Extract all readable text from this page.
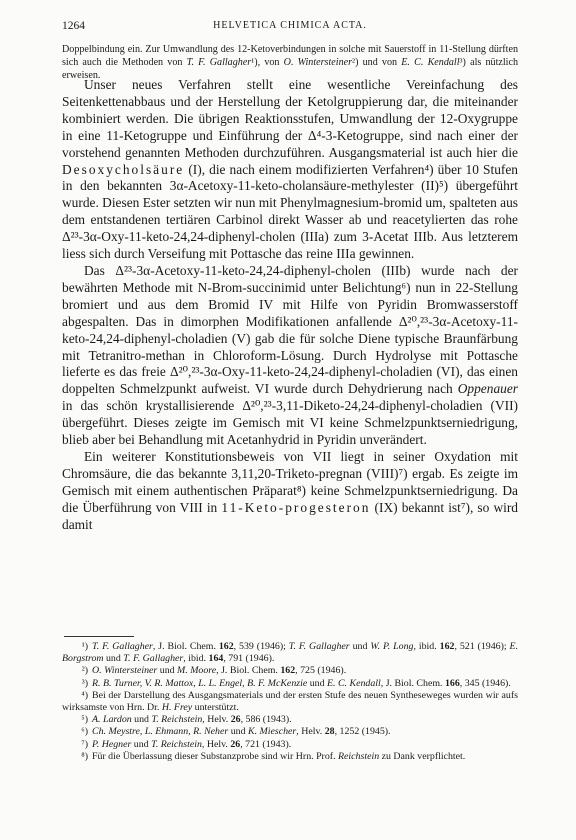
1264	HELVETICA CHIMICA ACTA.

Doppelbindung ein. Zur Umwandlung des 12-Ketoverbindungen in solche mit Sauerstoff in 11-Stellung dürften sich auch die Methoden von T. F. Gallagher¹), von O. Wintersteiner²) und von E. C. Kendall³) als nützlich erweisen.

Unser neues Verfahren stellt eine wesentliche Vereinfachung des Seitenkettenabbaus und der Herstellung der Ketolgruppierung dar, die miteinander kombiniert werden. Die übrigen Reaktionsstufen, Umwandlung der 12-Oxygruppe in eine 11-Ketogruppe und Einführung der Δ⁴-3-Ketogruppe, sind nach einer der vorstehend genannten Methoden durchzuführen. Ausgangsmaterial ist auch hier die Desoxycholsäure (I), die nach einem modifizierten Verfahren⁴) über 10 Stufen in den bekannten 3α-Acetoxy-11-keto-cholansäure-methylester (II)⁵) übergeführt wurde. Diesen Ester setzten wir nun mit Phenylmagnesium-bromid um, spalteten aus dem entstandenen tertiären Carbinol direkt Wasser ab und reacetylierten das rohe Δ²³-3α-Oxy-11-keto-24,24-diphenyl-cholen (IIIa) zum 3-Acetat IIIb. Aus letzterem liess sich durch Verseifung mit Pottasche das reine IIIa gewinnen.

Das Δ²³-3α-Acetoxy-11-keto-24,24-diphenyl-cholen (IIIb) wurde nach der bewährten Methode mit N-Brom-succinimid unter Belichtung⁶) nun in 22-Stellung bromiert und aus dem Bromid IV mit Hilfe von Pyridin Bromwasserstoff abgespalten. Das in dimorphen Modifikationen anfallende Δ²⁰,²³-3α-Acetoxy-11-keto-24,24-diphenyl-choladien (V) gab die für solche Diene typische Braunfärbung mit Tetranitro-methan in Chloroform-Lösung. Durch Hydrolyse mit Pottasche lieferte es das freie Δ²⁰,²³-3α-Oxy-11-keto-24,24-diphenyl-choladien (VI), das einen doppelten Schmelzpunkt aufweist. VI wurde durch Dehydrierung nach Oppenauer in das schön krystallisierende Δ²⁰,²³-3,11-Diketo-24,24-diphenyl-choladien (VII) übergeführt. Dieses zeigte im Gemisch mit VI keine Schmelzpunktserniedrigung, blieb aber bei Behandlung mit Acetanhydrid in Pyridin unverändert.

Ein weiterer Konstitutionsbeweis von VII liegt in seiner Oxydation mit Chromsäure, die das bekannte 3,11,20-Triketo-pregnan (VIII)⁷) ergab. Es zeigte im Gemisch mit einem authentischen Präparat⁸) keine Schmelzpunktserniedrigung. Da die Überführung von VIII in 11-Keto-progesteron (IX) bekannt ist⁷), so wird damit

¹) T. F. Gallagher, J. Biol. Chem. 162, 539 (1946); T. F. Gallagher und W. P. Long, ibid. 162, 521 (1946); E. Borgstrom und T. F. Gallagher, ibid. 164, 791 (1946).
²) O. Wintersteiner und M. Moore, J. Biol. Chem. 162, 725 (1946).
³) R. B. Turner, V. R. Mattox, L. L. Engel, B. F. McKenzie und E. C. Kendall, J. Biol. Chem. 166, 345 (1946).
⁴) Bei der Darstellung des Ausgangsmaterials und der ersten Stufe des neuen Syntheseweges wurden wir aufs wirksamste von Hrn. Dr. H. Frey unterstützt.
⁵) A. Lardon und T. Reichstein, Helv. 26, 586 (1943).
⁶) Ch. Meystre, L. Ehmann, R. Neher und K. Miescher, Helv. 28, 1252 (1945).
⁷) P. Hegner und T. Reichstein, Helv. 26, 721 (1943).
⁸) Für die Überlassung dieser Substanzprobe sind wir Hrn. Prof. Reichstein zu Dank verpflichtet.
